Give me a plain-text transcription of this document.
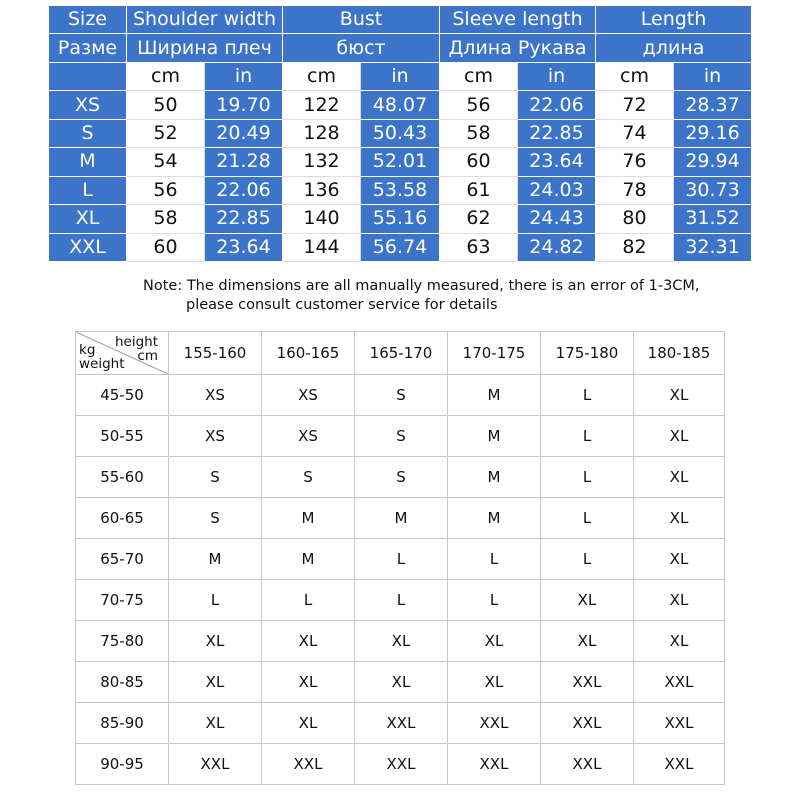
Size	Shoulder width		Bust		Sleeve length		Length	
Разме	Ширина плеч		бюст		Длина Рукава		длина	
	cm	in	cm	in	cm	in	cm	in
XS	50	19.70	122	48.07	56	22.06	72	28.37
S	52	20.49	128	50.43	58	22.85	74	29.16
M	54	21.28	132	52.01	60	23.64	76	29.94
L	56	22.06	136	53.58	61	24.03	78	30.73
XL	58	22.85	140	55.16	62	24.43	80	31.52
XXL	60	23.64	144	56.74	63	24.82	82	32.31
Note: The dimensions are all manually measured, there is an error of 1-3CM,
please consult customer service for details
height
cm
kg
weight	155-160	160-165	165-170	170-175	175-180	180-185
45-50	XS	XS	S	M	L	XL
50-55	XS	XS	S	M	L	XL
55-60	S	S	S	M	L	XL
60-65	S	M	M	M	L	XL
65-70	M	M	L	L	L	XL
70-75	L	L	L	L	XL	XL
75-80	XL	XL	XL	XL	XL	XL
80-85	XL	XL	XL	XL	XXL	XXL
85-90	XL	XL	XXL	XXL	XXL	XXL
90-95	XXL	XXL	XXL	XXL	XXL	XXL
